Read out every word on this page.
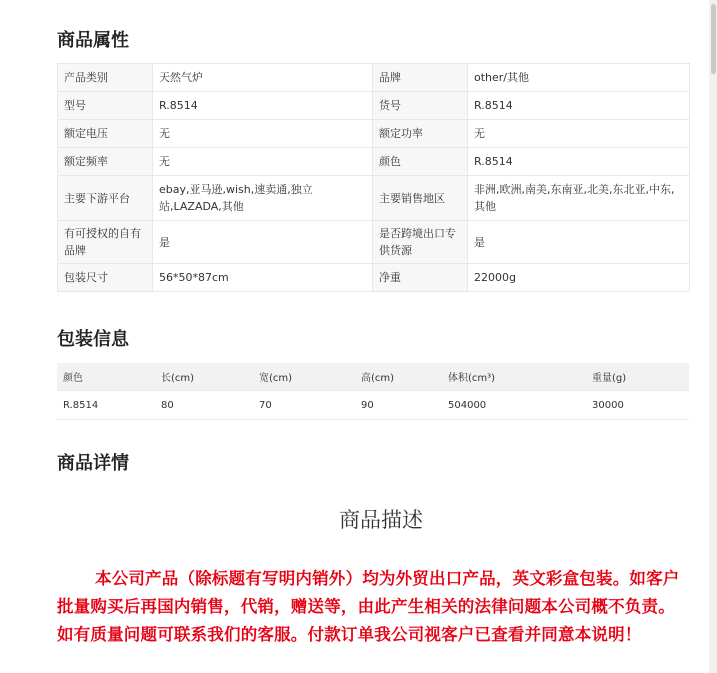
商品属性
产品类别	天然气炉	品牌	other/其他
型号	R.8514	货号	R.8514
额定电压	无	额定功率	无
额定频率	无	颜色	R.8514
主要下游平台	ebay,亚马逊,wish,速卖通,独立站,LAZADA,其他	主要销售地区	非洲,欧洲,南美,东南亚,北美,东北亚,中东,其他
有可授权的自有品牌	是	是否跨境出口专供货源	是
包装尺寸	56*50*87cm	净重	22000g
包装信息
颜色	长(cm)	宽(cm)	高(cm)	体积(cm³)	重量(g)
R.8514	80	70	90	504000	30000
商品详情
商品描述
本公司产品（除标题有写明内销外）均为外贸出口产品，英文彩盒包装。如客户批量购买后再国内销售，代销，赠送等，由此产生相关的法律问题本公司概不负责。如有质量问题可联系我们的客服。付款订单我公司视客户已查看并同意本说明！
